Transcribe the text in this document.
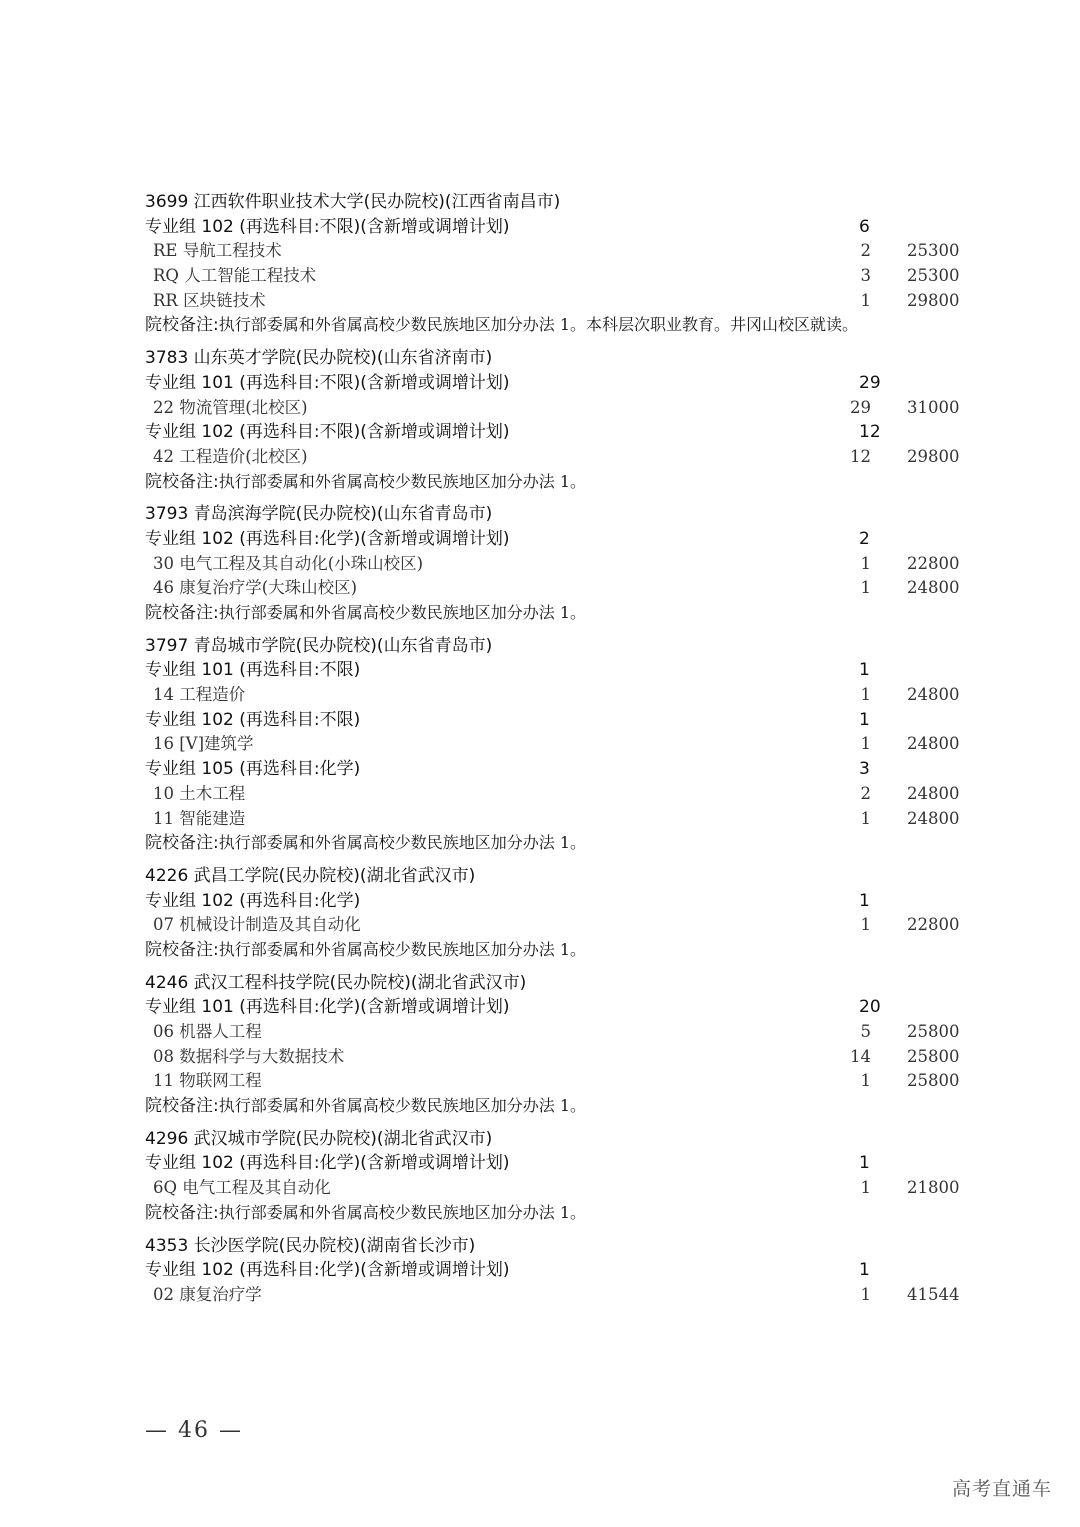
3699 江西软件职业技术大学(民办院校)(江西省南昌市)
专业组 102 (再选科目:不限)(含新增或调增计划)	6
RE 导航工程技术	2 25300
RQ 人工智能工程技术	3 25300
RR 区块链技术	1 29800
院校备注:执行部委属和外省属高校少数民族地区加分办法 1。本科层次职业教育。井冈山校区就读。
3783 山东英才学院(民办院校)(山东省济南市)
专业组 101 (再选科目:不限)(含新增或调增计划)	29
22 物流管理(北校区)	29 31000
专业组 102 (再选科目:不限)(含新增或调增计划)	12
42 工程造价(北校区)	12 29800
院校备注:执行部委属和外省属高校少数民族地区加分办法 1。
3793 青岛滨海学院(民办院校)(山东省青岛市)
专业组 102 (再选科目:化学)(含新增或调增计划)	2
30 电气工程及其自动化(小珠山校区)	1 22800
46 康复治疗学(大珠山校区)	1 24800
院校备注:执行部委属和外省属高校少数民族地区加分办法 1。
3797 青岛城市学院(民办院校)(山东省青岛市)
专业组 101 (再选科目:不限)	1
14 工程造价	1 24800
专业组 102 (再选科目:不限)	1
16 [V]建筑学	1 24800
专业组 105 (再选科目:化学)	3
10 土木工程	2 24800
11 智能建造	1 24800
院校备注:执行部委属和外省属高校少数民族地区加分办法 1。
4226 武昌工学院(民办院校)(湖北省武汉市)
专业组 102 (再选科目:化学)	1
07 机械设计制造及其自动化	1 22800
院校备注:执行部委属和外省属高校少数民族地区加分办法 1。
4246 武汉工程科技学院(民办院校)(湖北省武汉市)
专业组 101 (再选科目:化学)(含新增或调增计划)	20
06 机器人工程	5 25800
08 数据科学与大数据技术	14 25800
11 物联网工程	1 25800
院校备注:执行部委属和外省属高校少数民族地区加分办法 1。
4296 武汉城市学院(民办院校)(湖北省武汉市)
专业组 102 (再选科目:化学)(含新增或调增计划)	1
6Q 电气工程及其自动化	1 21800
院校备注:执行部委属和外省属高校少数民族地区加分办法 1。
4353 长沙医学院(民办院校)(湖南省长沙市)
专业组 102 (再选科目:化学)(含新增或调增计划)	1
02 康复治疗学	1 41544
— 46 —
高考直通车
